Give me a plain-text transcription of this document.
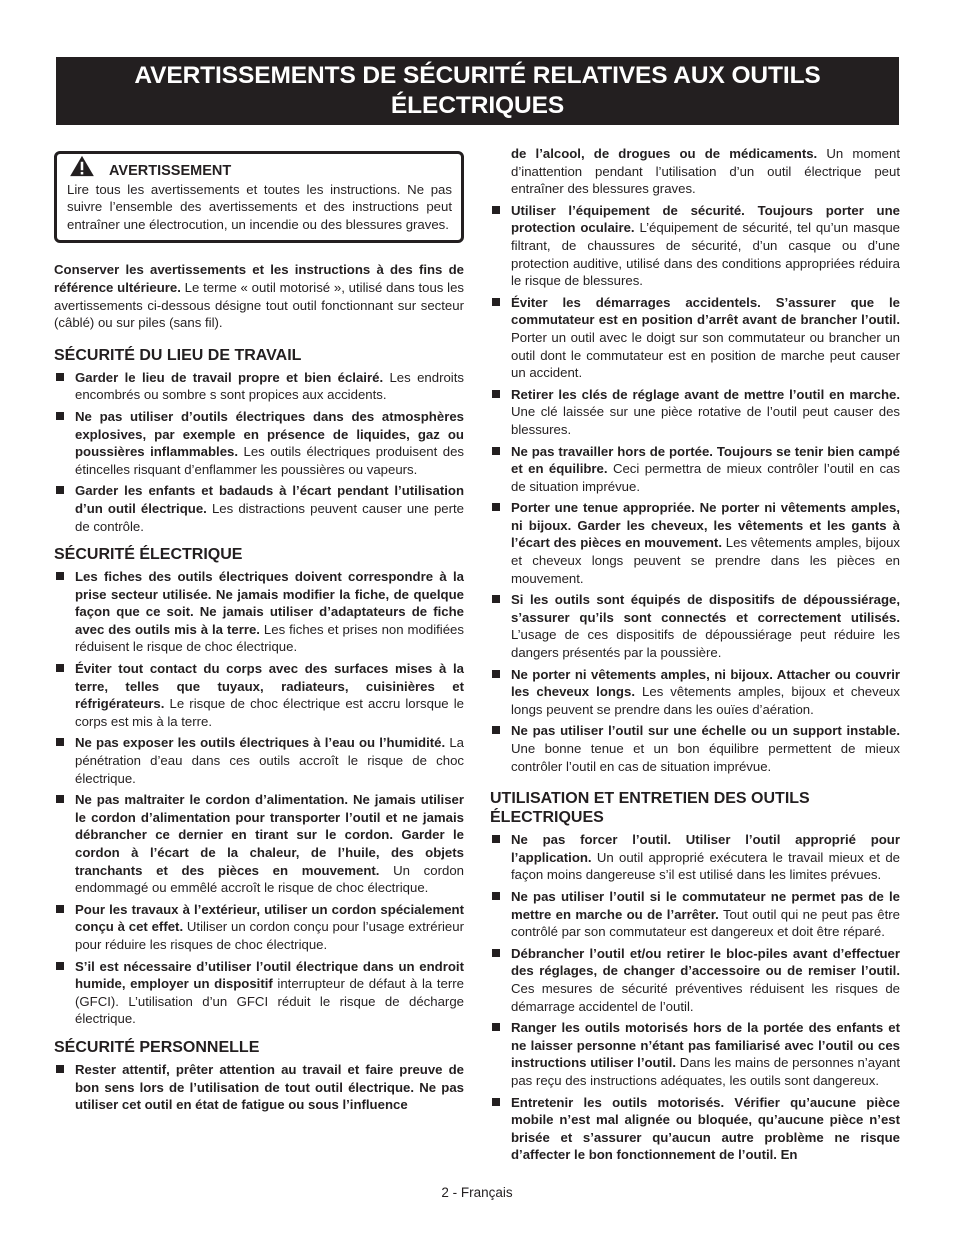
AVERTISSEMENTS DE SÉCURITÉ RELATIVES AUX OUTILS ÉLECTRIQUES
AVERTISSEMENT
Lire tous les avertissements et toutes les instructions. Ne pas suivre l’ensemble des avertissements et des instructions peut entraîner une électrocution, un incendie ou des blessures graves.

Conserver les avertissements et les instructions à des fins de référence ultérieure. Le terme « outil motorisé », utilisé dans tous les avertissements ci-dessous désigne tout outil fonctionnant sur secteur (câblé) ou sur piles (sans fil).

SÉCURITÉ DU LIEU DE TRAVAIL
Garder le lieu de travail propre et bien éclairé. Les endroits encombrés ou sombre s sont propices aux accidents.
Ne pas utiliser d’outils électriques dans des atmosphères explosives, par exemple en présence de liquides, gaz ou poussières inflammables. Les outils électriques produisent des étincelles risquant d’enflammer les poussières ou vapeurs.
Garder les enfants et badauds à l’écart pendant l’utilisation d’un outil électrique. Les distractions peuvent causer une perte de contrôle.
SÉCURITÉ ÉLECTRIQUE
Les fiches des outils électriques doivent correspondre à la prise secteur utilisée. Ne jamais modifier la fiche, de quelque façon que ce soit. Ne jamais utiliser d’adaptateurs de fiche avec des outils mis à la terre. Les fiches et prises non modifiées réduisent le risque de choc électrique.
Éviter tout contact du corps avec des surfaces mises à la terre, telles que tuyaux, radiateurs, cuisinières et réfrigérateurs. Le risque de choc électrique est accru lorsque le corps est mis à la terre.
Ne pas exposer les outils électriques à l’eau ou l’humidité. La pénétration d’eau dans ces outils accroît le risque de choc électrique.
Ne pas maltraiter le cordon d’alimentation. Ne jamais utiliser le cordon d’alimentation pour transporter l’outil et ne jamais débrancher ce dernier en tirant sur le cordon. Garder le cordon à l’écart de la chaleur, de l’huile, des objets tranchants et des pièces en mouvement. Un cordon endommagé ou emmêlé accroît le risque de choc électrique.
Pour les travaux à l’extérieur, utiliser un cordon spécialement conçu à cet effet. Utiliser un cordon conçu pour l’usage extrérieur pour réduire les risques de choc électrique.
S’il est nécessaire d’utiliser l’outil électrique dans un endroit humide, employer un dispositif interrupteur de défaut à la terre (GFCI). L’utilisation d’un GFCI réduit le risque de décharge électrique.
SÉCURITÉ PERSONNELLE
Rester attentif, prêter attention au travail et faire preuve de bon sens lors de l’utilisation de tout outil électrique. Ne pas utiliser cet outil en état de fatigue ou sous l’influence
de l’alcool, de drogues ou de médicaments. Un moment d’inattention pendant l’utilisation d’un outil électrique peut entraîner des blessures graves.
Utiliser l’équipement de sécurité. Toujours porter une protection oculaire. L’équipement de sécurité, tel qu’un masque filtrant, de chaussures de sécurité, d’un casque ou d’une protection auditive, utilisé dans des conditions appropriées réduira le risque de blessures.
Éviter les démarrages accidentels. S’assurer que le commutateur est en position d’arrêt avant de brancher l’outil. Porter un outil avec le doigt sur son commutateur ou brancher un outil dont le commutateur est en position de marche peut causer un accident.
Retirer les clés de réglage avant de mettre l’outil en marche. Une clé laissée sur une pièce rotative de l’outil peut causer des blessures.
Ne pas travailler hors de portée. Toujours se tenir bien campé et en équilibre. Ceci permettra de mieux contrôler l’outil en cas de situation imprévue.
Porter une tenue appropriée. Ne porter ni vêtements amples, ni bijoux. Garder les cheveux, les vêtements et les gants à l’écart des pièces en mouvement. Les vêtements amples, bijoux et cheveux longs peuvent se prendre dans les pièces en mouvement.
Si les outils sont équipés de dispositifs de dépoussiérage, s’assurer qu’ils sont connectés et correctement utilisés. L’usage de ces dispositifs de dépoussiérage peut réduire les dangers présentés par la poussière.
Ne porter ni vêtements amples, ni bijoux. Attacher ou couvrir les cheveux longs. Les vêtements amples, bijoux et cheveux longs peuvent se prendre dans les ouïes d’aération.
Ne pas utiliser l’outil sur une échelle ou un support instable. Une bonne tenue et un bon équilibre permettent de mieux contrôler l’outil en cas de situation imprévue.
UTILISATION ET ENTRETIEN DES OUTILS ÉLECTRIQUES
Ne pas forcer l’outil. Utiliser l’outil approprié pour l’application. Un outil approprié exécutera le travail mieux et de façon moins dangereuse s’il est utilisé dans les limites prévues.
Ne pas utiliser l’outil si le commutateur ne permet pas de le mettre en marche ou de l’arrêter. Tout outil qui ne peut pas être contrôlé par son commutateur est dangereux et doit être réparé.
Débrancher l’outil et/ou retirer le bloc-piles avant d’effectuer des réglages, de changer d’accessoire ou de remiser l’outil. Ces mesures de sécurité préventives réduisent les risques de démarrage accidentel de l’outil.
Ranger les outils motorisés hors de la portée des enfants et ne laisser personne n’étant pas familiarisé avec l’outil ou ces instructions utiliser l’outil. Dans les mains de personnes n’ayant pas reçu des instructions adéquates, les outils sont dangereux.
Entretenir les outils motorisés. Vérifier qu’aucune pièce mobile n’est mal alignée ou bloquée, qu’aucune pièce n’est brisée et s’assurer qu’aucun autre problème ne risque d’affecter le bon fonctionnement de l’outil. En
2 - Français
